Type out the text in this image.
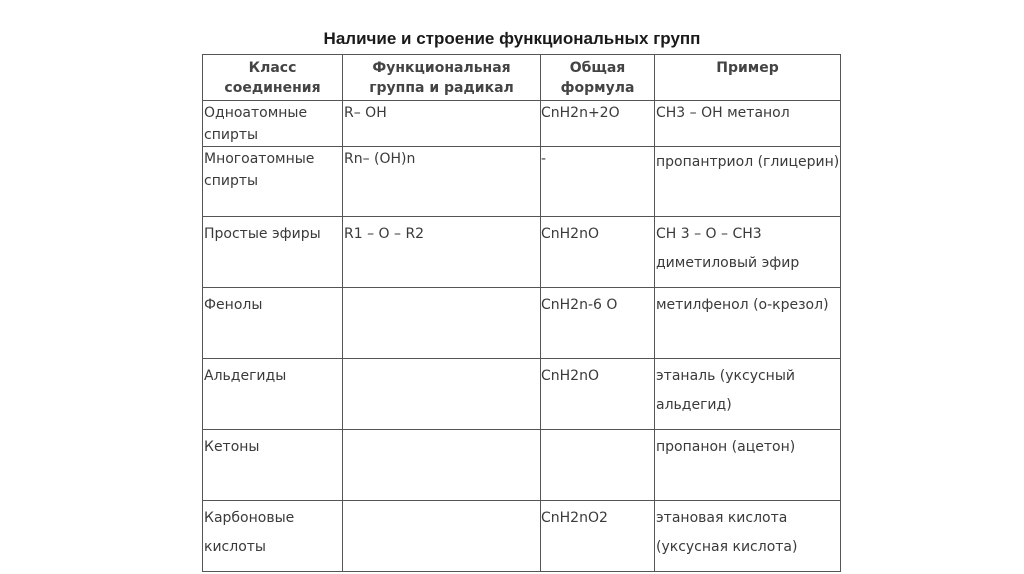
Наличие и строение функциональных групп
Класс соединения	Функциональная группа и радикал	Общая формула	Пример

Одноатомные спирты	R– OH	CnH2n+2O	CH3 – OH метанол

Многоатомные спирты	Rn– (OH)n	-	пропантриол (глицерин)

Простые эфиры	R1 – O – R2	CnH2nO	CH 3 – O – CH3 диметиловый эфир

Фенолы		CnH2n-6 O	метилфенол (о-крезол)

Альдегиды		CnH2nO	этаналь (уксусный альдегид)

Кетоны			пропанон (ацетон)

Карбоновые кислоты		CnH2nO2	этановая кислота (уксусная кислота)
